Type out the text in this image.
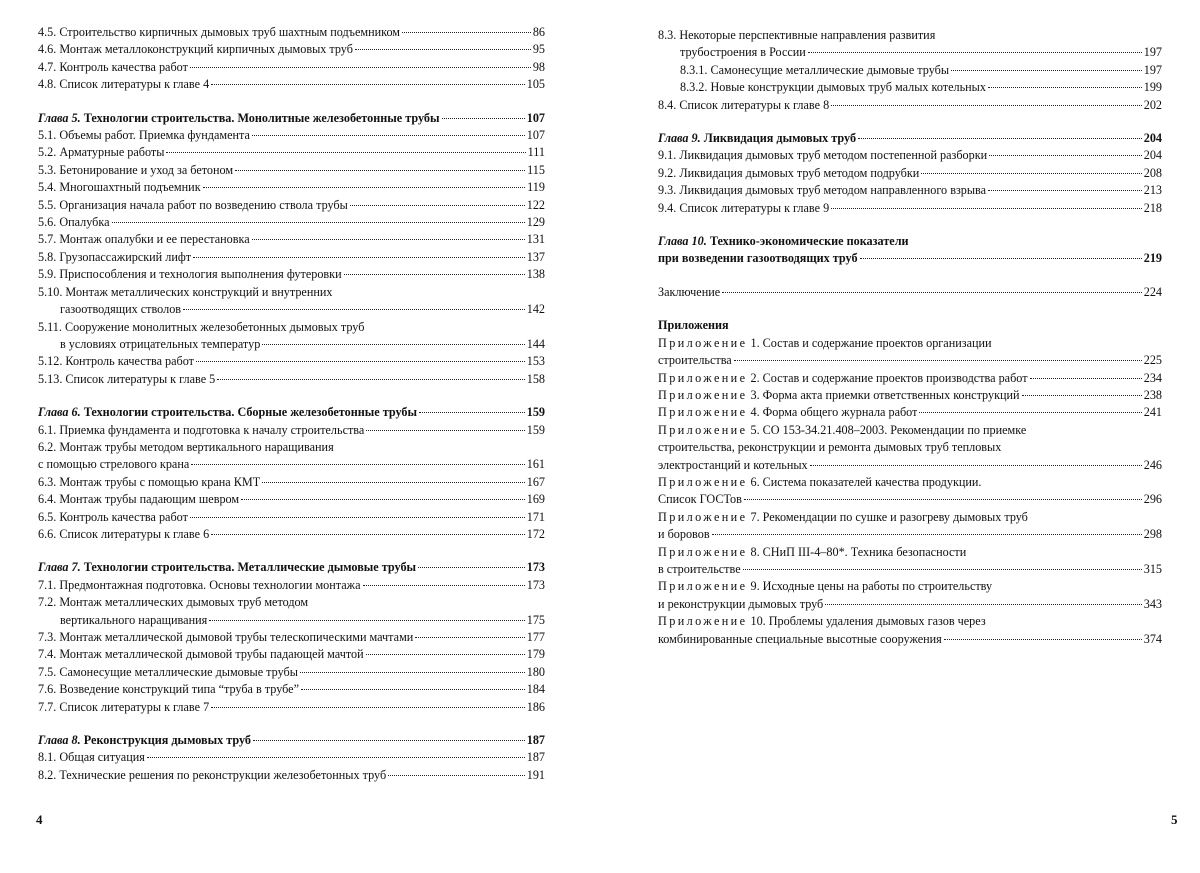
4.5. Строительство кирпичных дымовых труб шахтным подъемником	86
4.6. Монтаж металлоконструкций кирпичных дымовых труб	95
4.7. Контроль качества работ	98
4.8. Список литературы к главе 4	105
Глава 5. Технологии строительства. Монолитные железобетонные трубы	107
5.1. Объемы работ. Приемка фундамента	107
5.2. Арматурные работы	111
5.3. Бетонирование и уход за бетоном	115
5.4. Многошахтный подъемник	119
5.5. Организация начала работ по возведению ствола трубы	122
5.6. Опалубка	129
5.7. Монтаж опалубки и ее перестановка	131
5.8. Грузопассажирский лифт	137
5.9. Приспособления и технология выполнения футеровки	138
5.10. Монтаж металлических конструкций и внутренних
газоотводящих стволов	142
5.11. Сооружение монолитных железобетонных дымовых труб
в условиях отрицательных температур	144
5.12. Контроль качества работ	153
5.13. Список литературы к главе 5	158
Глава 6. Технологии строительства. Сборные железобетонные трубы	159
6.1. Приемка фундамента и подготовка к началу строительства	159
6.2. Монтаж трубы методом вертикального наращивания
с помощью стрелового крана	161
6.3. Монтаж трубы с помощью крана КМТ	167
6.4. Монтаж трубы падающим шевром	169
6.5. Контроль качества работ	171
6.6. Список литературы к главе 6	172
Глава 7. Технологии строительства. Металлические дымовые трубы	173
7.1. Предмонтажная подготовка. Основы технологии монтажа	173
7.2. Монтаж металлических дымовых труб методом
вертикального наращивания	175
7.3. Монтаж металлической дымовой трубы телескопическими мачтами	177
7.4. Монтаж металлической дымовой трубы падающей мачтой	179
7.5. Самонесущие металлические дымовые трубы	180
7.6. Возведение конструкций типа “труба в трубе”	184
7.7. Список литературы к главе 7	186
Глава 8. Реконструкция дымовых труб	187
8.1. Общая ситуация	187
8.2. Технические решения по реконструкции железобетонных труб	191
4
8.3. Некоторые перспективные направления развития
трубостроения в России	197
8.3.1. Самонесущие металлические дымовые трубы	197
8.3.2. Новые конструкции дымовых труб малых котельных	199
8.4. Список литературы к главе 8	202
Глава 9. Ликвидация дымовых труб	204
9.1. Ликвидация дымовых труб методом постепенной разборки	204
9.2. Ликвидация дымовых труб методом подрубки	208
9.3. Ликвидация дымовых труб методом направленного взрыва	213
9.4. Список литературы к главе 9	218
Глава 10. Технико-экономические показатели
при возведении газоотводящих труб	219
Заключение	224
Приложения
Приложение 1. Состав и содержание проектов организации
строительства	225
Приложение 2. Состав и содержание проектов производства работ	234
Приложение 3. Форма акта приемки ответственных конструкций	238
Приложение 4. Форма общего журнала работ	241
Приложение 5. СО 153-34.21.408–2003. Рекомендации по приемке
строительства, реконструкции и ремонта дымовых труб тепловых
электростанций и котельных	246
Приложение 6. Система показателей качества продукции.
Список ГОСТов	296
Приложение 7. Рекомендации по сушке и разогреву дымовых труб
и боровов	298
Приложение 8. СНиП III-4–80*. Техника безопасности
в строительстве	315
Приложение 9. Исходные цены на работы по строительству
и реконструкции дымовых труб	343
Приложение 10. Проблемы удаления дымовых газов через
комбинированные специальные высотные сооружения	374
5
